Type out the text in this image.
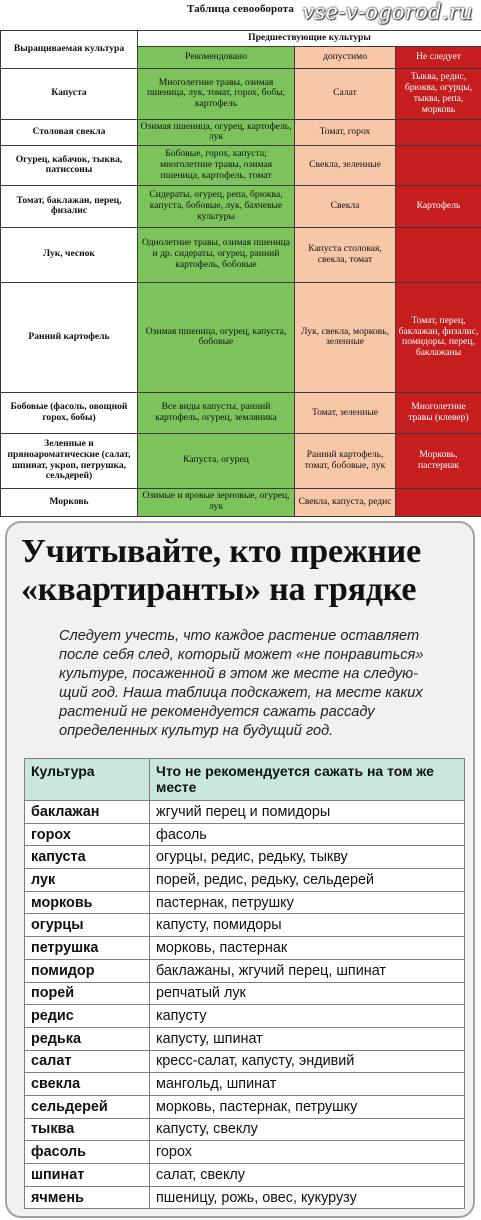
Таблица севооборота vse-v-ogorod.ru
Выращиваемая культура	Предшествующие культуры		
	Рекомендовано	допустимо	Не следует
Капуста	Многолетние травы, озимая пшеница, лук, томат, горох, бобы, картофель	Салат	Тыква, редис, брюква, огурцы, тыква, репа, морковь
Столовая свекла	Озимая пшеница, огурец, картофель, лук	Томат, горох	
Огурец, кабачок, тыква, патиссоны	Бобовые, горох, капуста; многолетние травы, озимая пшеница, картофель, томат	Свекла, зеленные	
Томат, баклажан, перец, физалис	Сидераты, огурец, репа, брюква, капуста, бобовые, лук, бахчевые культуры	Свекла	Картофель
Лук, чеснок	Однолетние травы, озимая пшеница и др. сидераты, огурец, ранний картофель, бобовые	Капуста столовая, свекла, томат	
Ранний картофель	Озимая пшеница, огурец, капуста, бобовые	Лук, свекла, морковь, зеленные	Томат, перец, баклажан, физалис, помидоры, перец, баклажаны
Бобовые (фасоль, овощной горох, бобы)	Все виды капусты, ранний картофель, огурец, земляника	Томат, зеленные	Многолетние травы (клевер)
Зеленные и пряноароматические (салат, шпинат, укроп, петрушка, сельдерей)	Капуста, огурец	Ранний картофель, томат, бобовые, лук	Морковь, пастернак
Морковь	Озимые и яровые зерновые, огурец, лук	Свекла, капуста, редис	
Учитывайте, кто прежние
«квартиранты» на грядке
Следует учесть, что каждое растение оставляет
после себя след, который может «не понравиться»
культуре, посаженной в этом же месте на следую-
щий год. Наша таблица подскажет, на месте каких
растений не рекомендуется сажать рассаду
определенных культур на будущий год.
Культура	Что не рекомендуется сажать на том же месте
баклажан	жгучий перец и помидоры
горох	фасоль
капуста	огурцы, редис, редьку, тыкву
лук	порей, редис, редьку, сельдерей
морковь	пастернак, петрушку
огурцы	капусту, помидоры
петрушка	морковь, пастернак
помидор	баклажаны, жгучий перец, шпинат
порей	репчатый лук
редис	капусту
редька	капусту, шпинат
салат	кресс-салат, капусту, эндивий
свекла	мангольд, шпинат
сельдерей	морковь, пастернак, петрушку
тыква	капусту, свеклу
фасоль	горох
шпинат	салат, свеклу
ячмень	пшеницу, рожь, овес, кукурузу
